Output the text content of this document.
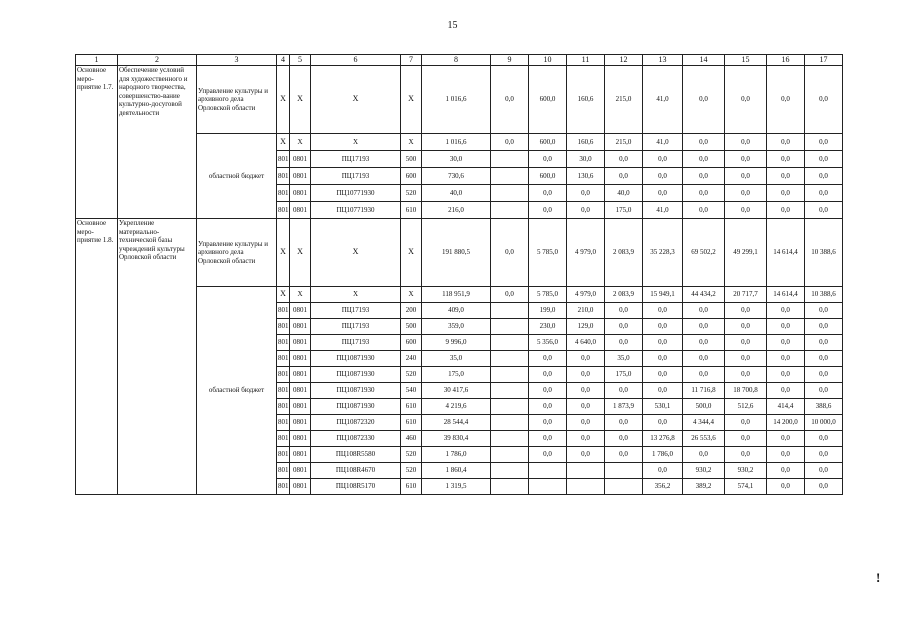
15
1	2	3	4	5	6	7	8	9	10	11	12	13	14	15	16	17
Основное меро-приятие 1.7.	Обеспечение условий для художественного и народного творчества, совершенство-вание культурно-досуговой деятельности	Управление культуры и архивного дела Орловской области	Х	Х	Х	Х	1 016,6	0,0	600,0	160,6	215,0	41,0	0,0	0,0	0,0	0,0
		областной бюджет	Х	Х	Х	Х	1 016,6	0,0	600,0	160,6	215,0	41,0	0,0	0,0	0,0	0,0
			801	0801	ПЦ17193	500	30,0		0,0	30,0	0,0	0,0	0,0	0,0	0,0	0,0
			801	0801	ПЦ17193	600	730,6		600,0	130,6	0,0	0,0	0,0	0,0	0,0	0,0
			801	0801	ПЦ10771930	520	40,0		0,0	0,0	40,0	0,0	0,0	0,0	0,0	0,0
			801	0801	ПЦ10771930	610	216,0		0,0	0,0	175,0	41,0	0,0	0,0	0,0	0,0
Основное меро-приятие 1.8.	Укрепление материально-технической базы учреждений культуры Орловской области	Управление культуры и архивного дела Орловской области	Х	Х	Х	Х	191 880,5	0,0	5 785,0	4 979,0	2 083,9	35 228,3	69 502,2	49 299,1	14 614,4	10 388,6
		областной бюджет	Х	Х	Х	Х	118 951,9	0,0	5 785,0	4 979,0	2 083,9	15 949,1	44 434,2	20 717,7	14 614,4	10 388,6
			801	0801	ПЦ17193	200	409,0		199,0	210,0	0,0	0,0	0,0	0,0	0,0	0,0
			801	0801	ПЦ17193	500	359,0		230,0	129,0	0,0	0,0	0,0	0,0	0,0	0,0
			801	0801	ПЦ17193	600	9 996,0		5 356,0	4 640,0	0,0	0,0	0,0	0,0	0,0	0,0
			801	0801	ПЦ10871930	240	35,0		0,0	0,0	35,0	0,0	0,0	0,0	0,0	0,0
			801	0801	ПЦ10871930	520	175,0		0,0	0,0	175,0	0,0	0,0	0,0	0,0	0,0
			801	0801	ПЦ10871930	540	30 417,6		0,0	0,0	0,0	0,0	11 716,8	18 700,8	0,0	0,0
			801	0801	ПЦ10871930	610	4 219,6		0,0	0,0	1 873,9	530,1	500,0	512,6	414,4	388,6
			801	0801	ПЦ10872320	610	28 544,4		0,0	0,0	0,0	0,0	4 344,4	0,0	14 200,0	10 000,0
			801	0801	ПЦ10872330	460	39 830,4		0,0	0,0	0,0	13 276,8	26 553,6	0,0	0,0	0,0
			801	0801	ПЦ108R5580	520	1 786,0		0,0	0,0	0,0	1 786,0	0,0	0,0	0,0	0,0
			801	0801	ПЦ108R4670	520	1 860,4					0,0	930,2	930,2	0,0	0,0
			801	0801	ПЦ108R5170	610	1 319,5					356,2	389,2	574,1	0,0	0,0
!
